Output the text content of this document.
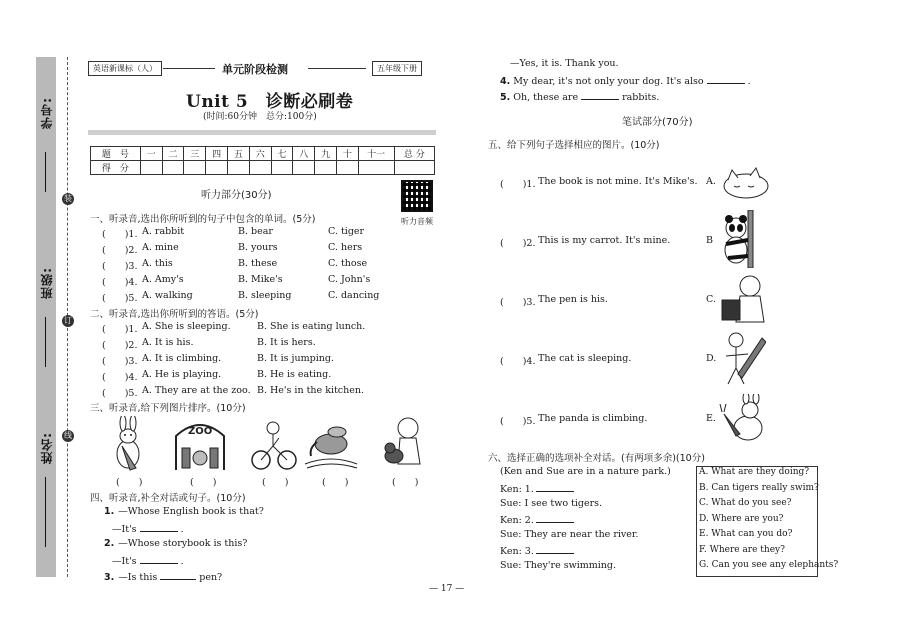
学号:
班级:
姓名:
装
订
线
英语新课标（人）	单元阶段检测	五年级下册
Unit 5　诊断必刷卷
(时间:60分钟　总分:100分)
题　号	一	二	三	四	五	六	七	八	九	十	十一	总 分
得　分												
听力部分(30分)
听力音频
一、听录音,选出你所听到的句子中包含的单词。(5分)
二、听录音,选出你所听到的答语。(5分)
三、听录音,给下列图片排序。(10分)
ZOO
四、听录音,补全对话或句子。(10分)
笔试部分(70分)
五、给下列句子选择相应的图片。(10分)
六、选择正确的选项补全对话。(有两项多余)(10分)
(Ken and Sue are in a nature park.)	A. What are they doing?
B. Can tigers really swim?
C. What do you see?
D. Where are you?
E. What can you do?
F. Where are they?
G. Can you see any elephants?
— 17 —
(　　)1. A. rabbit	B. bear	C. tiger
(　　)2. A. mine	B. yours	C. hers
(　　)3. A. this	B. these	C. those
(　　)4. A. Amy's	B. Mike's	C. John's
(　　)5. A. walking	B. sleeping	C. dancing
(　　)1. A. She is sleeping.	B. She is eating lunch.
(　　)2. A. It is his.	B. It is hers.
(　　)3. A. It is climbing.	B. It is jumping.
(　　)4. A. He is playing.	B. He is eating.
(　　)5. A. They are at the zoo. B. He's in the kitchen.
(　　)	(　　)	(　　)	(　　)	(　　)
1. —Whose English book is that?
—It's	.
2. —Whose storybook is this?
—It's	.
3. —Is this	pen?
—Yes, it is. Thank you.
4. My dear, it's not only your dog. It's also	.
5. Oh, these are	rabbits.
(　　)1. The book is not mine. It's Mike's. A.
(　　)2. This is my carrot. It's mine.	B
(　　)3. The pen is his.	C.
(　　)4. The cat is sleeping.	D.
(　　)5. The panda is climbing.	E.
Ken: 1.
Sue: I see two tigers.
Ken: 2.
Sue: They are near the river.
Ken: 3.
Sue: They're swimming.
